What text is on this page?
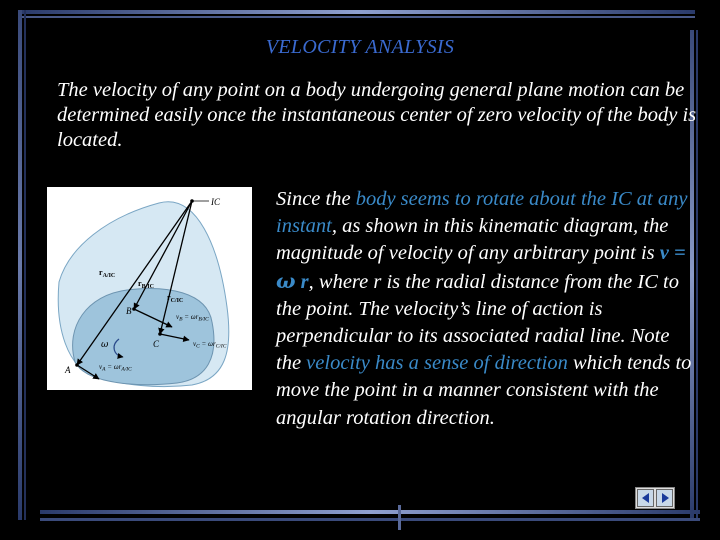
VELOCITY ANALYSIS
The velocity of any point on a body undergoing general plane motion can be determined easily once the instantaneous center of zero velocity of the body is located.
Since the body seems to rotate about the IC at any instant, as shown in this kinematic diagram, the magnitude of velocity of any arbitrary point is v = ω r, where r is the radial distance from the IC to the point. The velocity’s line of action is perpendicular to its associated radial line. Note the velocity has a sense of direction which tends to move the point in a manner consistent with the angular rotation direction.
IC
$r_{A/IC}$
$r_{B/IC}$
$r_{C/IC}$
B
C
A
ω
$v_B = \omega r_{B/IC}$
$v_C = \omega r_{C/IC}$
$v_A = \omega r_{A/IC}$
